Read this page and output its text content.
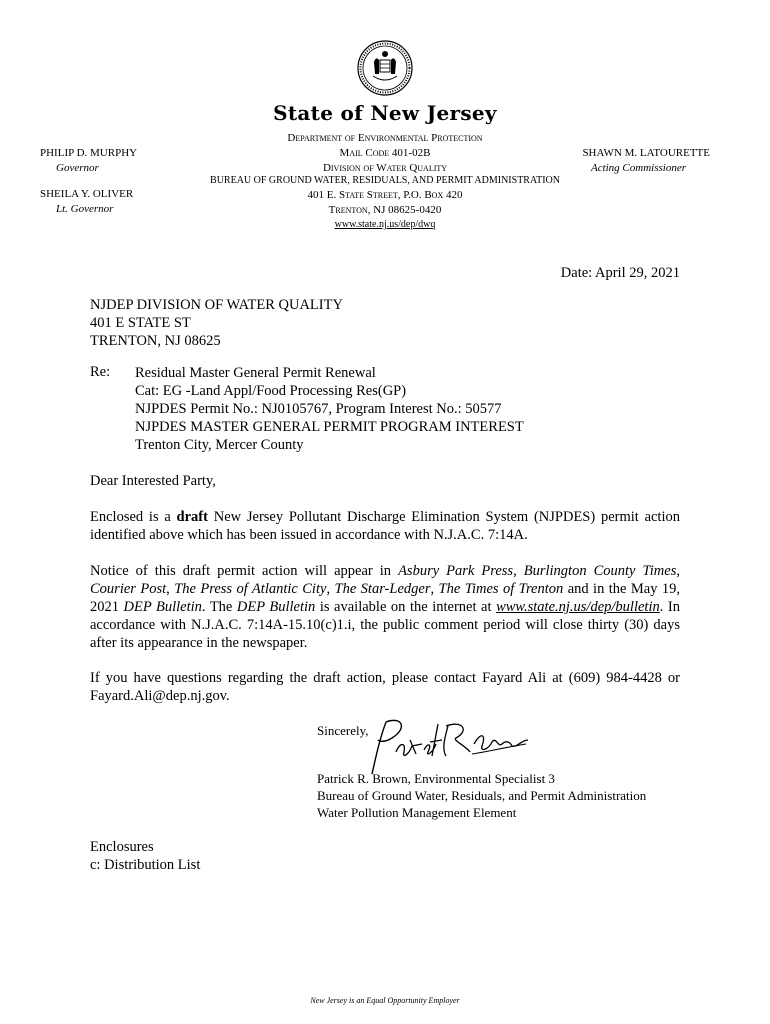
State of New Jersey
Department of Environmental Protection
Mail Code 401-02B
Division of Water Quality
BUREAU OF GROUND WATER, RESIDUALS, AND PERMIT ADMINISTRATION
401 E. State Street, P.O. Box 420
Trenton, NJ 08625-0420
www.state.nj.us/dep/dwq
PHILIP D. MURPHY
Governor
SHEILA Y. OLIVER
Lt. Governor
SHAWN M. LATOURETTE
Acting Commissioner
Date: April 29, 2021
NJDEP DIVISION OF WATER QUALITY
401 E STATE ST
TRENTON, NJ 08625
Re: Residual Master General Permit Renewal
Cat: EG -Land Appl/Food Processing Res(GP)
NJPDES Permit No.: NJ0105767, Program Interest No.: 50577
NJPDES MASTER GENERAL PERMIT PROGRAM INTEREST
Trenton City, Mercer County
Dear Interested Party,
Enclosed is a draft New Jersey Pollutant Discharge Elimination System (NJPDES) permit action identified above which has been issued in accordance with N.J.A.C. 7:14A.
Notice of this draft permit action will appear in Asbury Park Press, Burlington County Times, Courier Post, The Press of Atlantic City, The Star-Ledger, The Times of Trenton and in the May 19, 2021 DEP Bulletin. The DEP Bulletin is available on the internet at www.state.nj.us/dep/bulletin. In accordance with N.J.A.C. 7:14A-15.10(c)1.i, the public comment period will close thirty (30) days after its appearance in the newspaper.
If you have questions regarding the draft action, please contact Fayard Ali at (609) 984-4428 or Fayard.Ali@dep.nj.gov.
Sincerely,
Patrick R. Brown, Environmental Specialist 3
Bureau of Ground Water, Residuals, and Permit Administration
Water Pollution Management Element
Enclosures
c: Distribution List
New Jersey is an Equal Opportunity Employer
